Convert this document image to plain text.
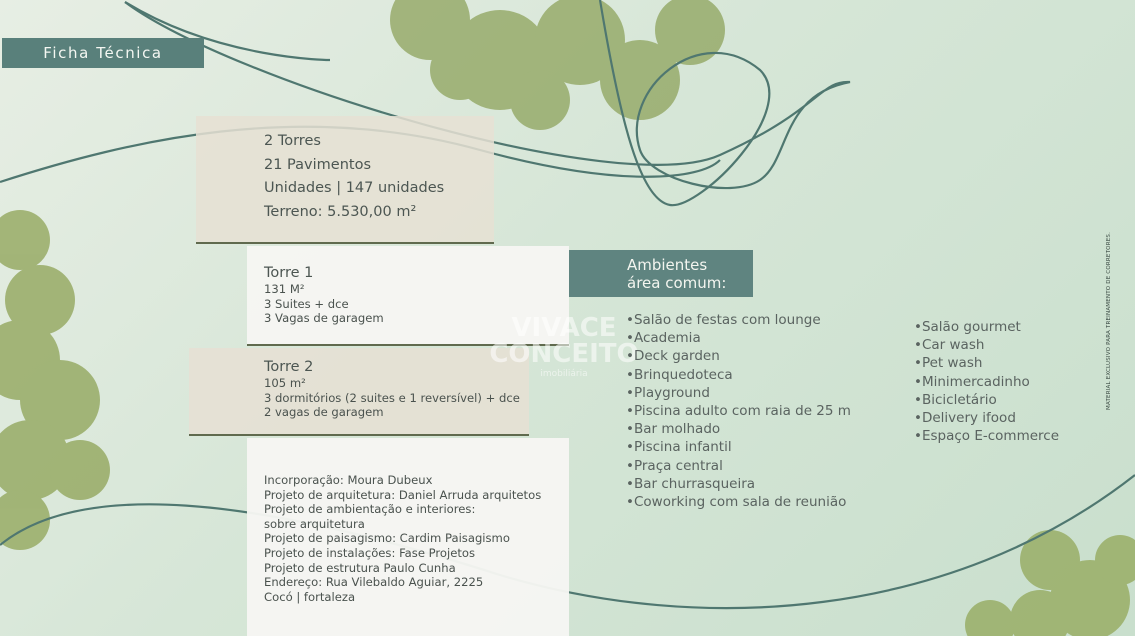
Ficha Técnica
2 Torres
21 Pavimentos
Unidades | 147 unidades
Terreno: 5.530,00 m²
Torre 1
131 M²
3 Suites + dce
3 Vagas de garagem
Torre 2
105 m²
3 dormitórios (2 suites e 1 reversível) + dce
2 vagas de garagem
Incorporação: Moura Dubeux
Projeto de arquitetura: Daniel Arruda arquitetos
Projeto de ambientação e interiores:
sobre arquitetura
Projeto de paisagismo: Cardim Paisagismo
Projeto de instalações: Fase Projetos
Projeto de estrutura Paulo Cunha
Endereço: Rua Vilebaldo Aguiar, 2225
Cocó | fortaleza
VIVACE
CONCEITO
imobiliária
Ambientes
área comum:
• Salão de festas com lounge
• Academia
• Deck garden
• Brinquedoteca
• Playground
• Piscina adulto com raia de 25 m
• Bar molhado
• Piscina infantil
• Praça central
• Bar churrasqueira
• Coworking com sala de reunião
• Salão gourmet
• Car wash
• Pet wash
• Minimercadinho
• Bicicletário
• Delivery ifood
• Espaço E-commerce
MATERIAL EXCLUSIVO PARA TREINAMENTO DE CORRETORES.
